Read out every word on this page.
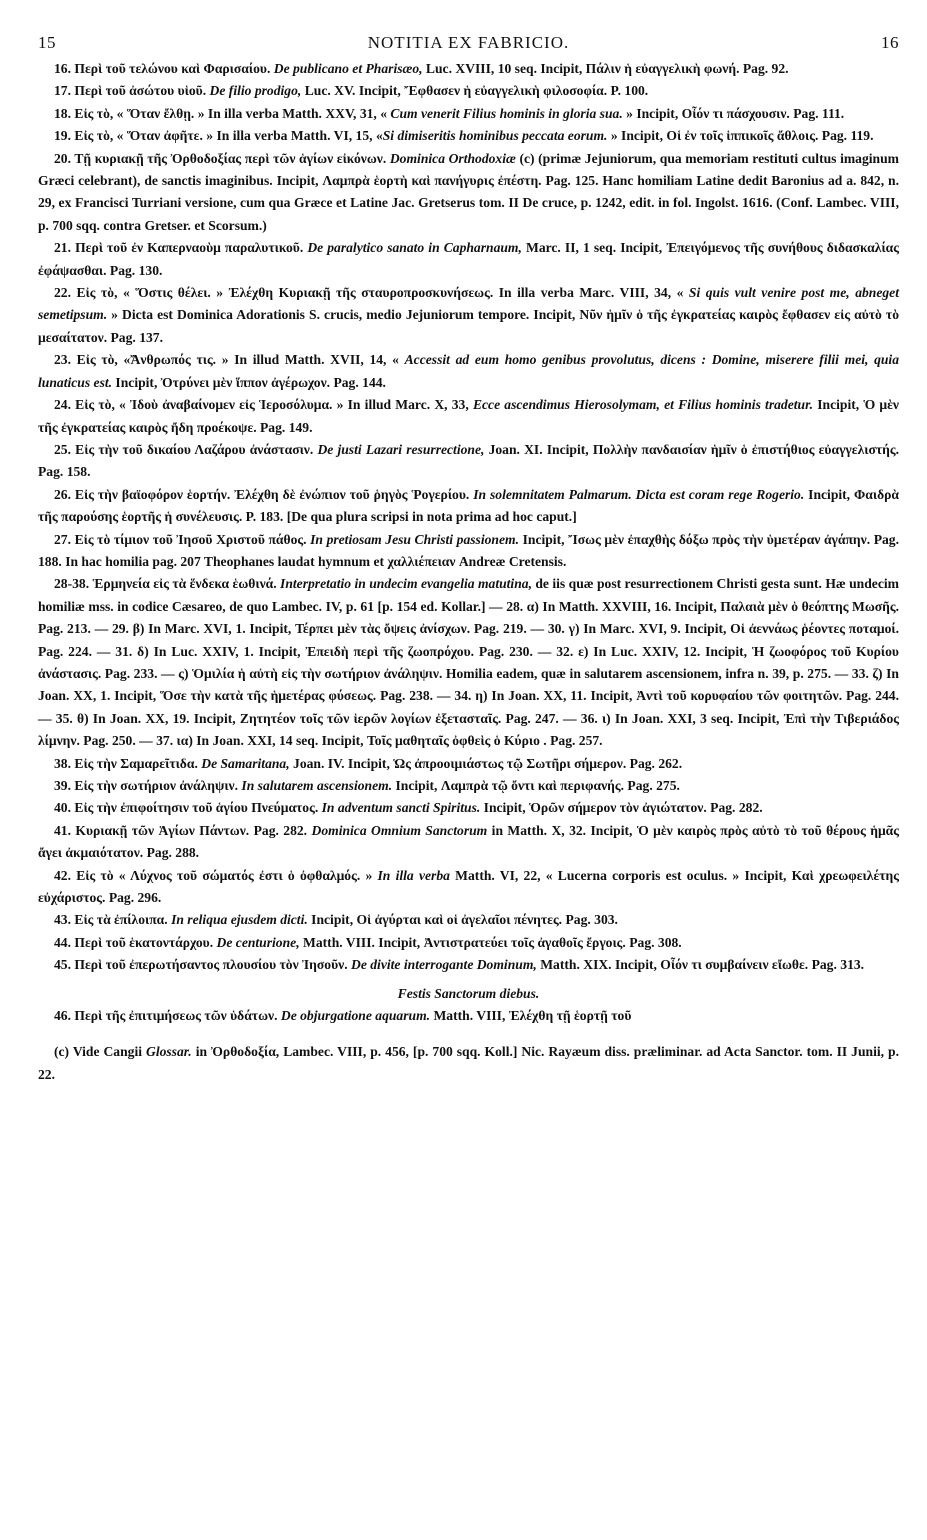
15	NOTITIA EX FABRICIO.	16

16. Περὶ τοῦ τελώνου καὶ Φαρισαίου. De publicano et Pharisæo, Luc. XVIII, 10 seq. Incipit, Πάλιν ἡ εὐαγγελικὴ φωνή. Pag. 92.

17. Περὶ τοῦ ἀσώτου υἱοῦ. De filio prodigo, Luc. XV. Incipit, Ἔφθασεν ἡ εὐαγγελικὴ φιλοσοφία. P. 100.

18. Εἰς τὸ, « Ὅταν ἔλθῃ. » In illa verba Matth. XXV, 31, « Cum venerit Filius hominis in gloria sua. » Incipit, Οἶόν τι πάσχουσιν. Pag. 111.

19. Εἰς τὸ, « Ὅταν ἀφῆτε. » In illa verba Matth. VI, 15, «Si dimiseritis hominibus peccata eorum. » Incipit, Οἱ ἐν τοῖς ἱππικοῖς ἄθλοις. Pag. 119.

20. Τῇ κυριακῇ τῆς Ὀρθοδοξίας περὶ τῶν ἁγίων εἰκόνων. Dominica Orthodoxiæ (c) (primæ Jejuniorum, qua memoriam restituti cultus imaginum Græci celebrant), de sanctis imaginibus. Incipit, Λαμπρὰ ἑορτὴ καὶ πανήγυρις ἐπέστη. Pag. 125. Hanc homiliam Latine dedit Baronius ad a. 842, n. 29, ex Francisci Turriani versione, cum qua Græce et Latine Jac. Gretserus tom. II De cruce, p. 1242, edit. in fol. Ingolst. 1616. (Conf. Lambec. VIII, p. 700 sqq. contra Gretser. et Scorsum.)

21. Περὶ τοῦ ἐν Καπερναοὺμ παραλυτικοῦ. De paralytico sanato in Capharnaum, Marc. II, 1 seq. Incipit, Ἐπειγόμενος τῆς συνήθους διδασκαλίας ἐφάψασθαι. Pag. 130.

22. Εἰς τὸ, « Ὅστις θέλει. » Ἐλέχθη Κυριακῇ τῆς σταυροπροσκυνήσεως. In illa verba Marc. VIII, 34, « Si quis vult venire post me, abneget semetipsum. » Dicta est Dominica Adorationis S. crucis, medio Jejuniorum tempore. Incipit, Νῦν ἡμῖν ὁ τῆς ἐγκρατείας καιρὸς ἔφθασεν εἰς αὐτὸ τὸ μεσαίτατον. Pag. 137.

23. Εἰς τὸ, «Ἄνθρωπός τις. » In illud Matth. XVII, 14, « Accessit ad eum homo genibus provolutus, dicens : Domine, miserere filii mei, quia lunaticus est. Incipit, Ὀτρύνει μὲν ἵππον ἀγέρωχον. Pag. 144.

24. Εἰς τὸ, « Ἰδοὺ ἀναβαίνομεν εἰς Ἱεροσόλυμα. » In illud Marc. X, 33, Ecce ascendimus Hierosolymam, et Filius hominis tradetur. Incipit, Ὁ μὲν τῆς ἐγκρατείας καιρὸς ἤδη προέκοψε. Pag. 149.

25. Εἰς τὴν τοῦ δικαίου Λαζάρου ἀνάστασιν. De justi Lazari resurrectione, Joan. XI. Incipit, Πολλὴν πανδαισίαν ἡμῖν ὁ ἐπιστήθιος εὐαγγελιστής. Pag. 158.

26. Εἰς τὴν βαϊοφόρον ἑορτήν. Ἐλέχθη δὲ ἐνώπιον τοῦ ῥηγὸς Ῥογερίου. In solemnitatem Palmarum. Dicta est coram rege Rogerio. Incipit, Φαιδρὰ τῆς παρούσης ἑορτῆς ἡ συνέλευσις. P. 183. [De qua plura scripsi in nota prima ad hoc caput.]

27. Εἰς τὸ τίμιον τοῦ Ἰησοῦ Χριστοῦ πάθος. In pretiosam Jesu Christi passionem. Incipit, Ἴσως μὲν ἐπαχθὴς δόξω πρὸς τὴν ὑμετέραν ἀγάπην. Pag. 188. In hac homilia pag. 207 Theophanes laudat hymnum et χαλλιέπειαν Andreæ Cretensis.

28-38. Ἑρμηνεία εἰς τὰ ἕνδεκα ἑωθινά. Interpretatio in undecim evangelia matutina, de iis quæ post resurrectionem Christi gesta sunt. Hæ undecim homiliæ mss. in codice Cæsareo, de quo Lambec. IV, p. 61 [p. 154 ed. Kollar.] — 28. α) In Matth. XXVIII, 16. Incipit, Παλαιὰ μὲν ὁ θεόπτης Μωσῆς. Pag. 213. — 29. β) In Marc. XVI, 1. Incipit, Τέρπει μὲν τὰς ὄψεις ἀνίσχων. Pag. 219. — 30. γ) In Marc. XVI, 9. Incipit, Οἱ ἀεννάως ῥέοντες ποταμοί. Pag. 224. — 31. δ) In Luc. XXIV, 1. Incipit, Ἐπειδὴ περὶ τῆς ζωοπρόχου. Pag. 230. — 32. ε) In Luc. XXIV, 12. Incipit, Ἡ ζωοφόρος τοῦ Κυρίου ἀνάστασις. Pag. 233. — ς) Ὁμιλία ἡ αὐτὴ εἰς τὴν σωτήριον ἀνάληψιν. Homilia eadem, quæ in salutarem ascensionem, infra n. 39, p. 275. — 33. ζ) In Joan. XX, 1. Incipit, Ὅσε τὴν κατὰ τῆς ἡμετέρας φύσεως. Pag. 238. — 34. η) In Joan. XX, 11. Incipit, Ἀντὶ τοῦ κορυφαίου τῶν φοιτητῶν. Pag. 244. — 35. θ) In Joan. XX, 19. Incipit, Ζητητέον τοῖς τῶν ἱερῶν λογίων ἐξετασταῖς. Pag. 247. — 36. ι) In Joan. XXI, 3 seq. Incipit, Ἐπὶ τὴν Τιβεριάδος λίμνην. Pag. 250. — 37. ια) In Joan. XXI, 14 seq. Incipit, Τοῖς μαθηταῖς ὀφθεὶς ὁ Κύριο . Pag. 257.

38. Εἰς τὴν Σαμαρεῖτιδα. De Samaritana, Joan. IV. Incipit, Ὡς ἀπροοιμιάστως τῷ Σωτῆρι σήμερον. Pag. 262.

39. Εἰς τὴν σωτήριον ἀνάληψιν. In salutarem ascensionem. Incipit, Λαμπρὰ τῷ ὄντι καὶ περιφανής. Pag. 275.

40. Εἰς τὴν ἐπιφοίτησιν τοῦ ἁγίου Πνεύματος. In adventum sancti Spiritus. Incipit, Ὁρῶν σήμερον τὸν ἀγιώτατον. Pag. 282.

41. Κυριακῇ τῶν Ἁγίων Πάντων. Pag. 282. Dominica Omnium Sanctorum in Matth. X, 32. Incipit, Ὁ μὲν καιρὸς πρὸς αὐτὸ τὸ τοῦ θέρους ἡμᾶς ἄγει ἀκμαιότατον. Pag. 288.

42. Εἰς τὸ « Λύχνος τοῦ σώματός ἐστι ὁ ὀφθαλμός. » In illa verba Matth. VI, 22, « Lucerna corporis est oculus. » Incipit, Καὶ χρεωφειλέτης εὐχάριστος. Pag. 296.

43. Εἰς τὰ ἐπίλοιπα. In reliqua ejusdem dicti. Incipit, Οἱ ἀγύρται καὶ οἱ ἀγελαῖοι πένητες. Pag. 303.

44. Περὶ τοῦ ἑκατοντάρχου. De centurione, Matth. VIII. Incipit, Ἀντιστρατεύει τοῖς ἀγαθοῖς ἔργοις. Pag. 308.

45. Περὶ τοῦ ἐπερωτήσαντος πλουσίου τὸν Ἰησοῦν. De divite interrogante Dominum, Matth. XIX. Incipit, Οἶόν τι συμβαίνειν εἴωθε. Pag. 313.

Festis Sanctorum diebus.

46. Περὶ τῆς ἐπιτιμήσεως τῶν ὑδάτων. De objurgatione aquarum. Matth. VIII, Ἐλέχθη τῇ ἑορτῇ τοῦ

(c) Vide Cangii Glossar. in Ὀρθοδοξία, Lambec. VIII, p. 456, [p. 700 sqq. Koll.] Nic. Rayæum diss. præliminar. ad Acta Sanctor. tom. II Junii, p. 22.
